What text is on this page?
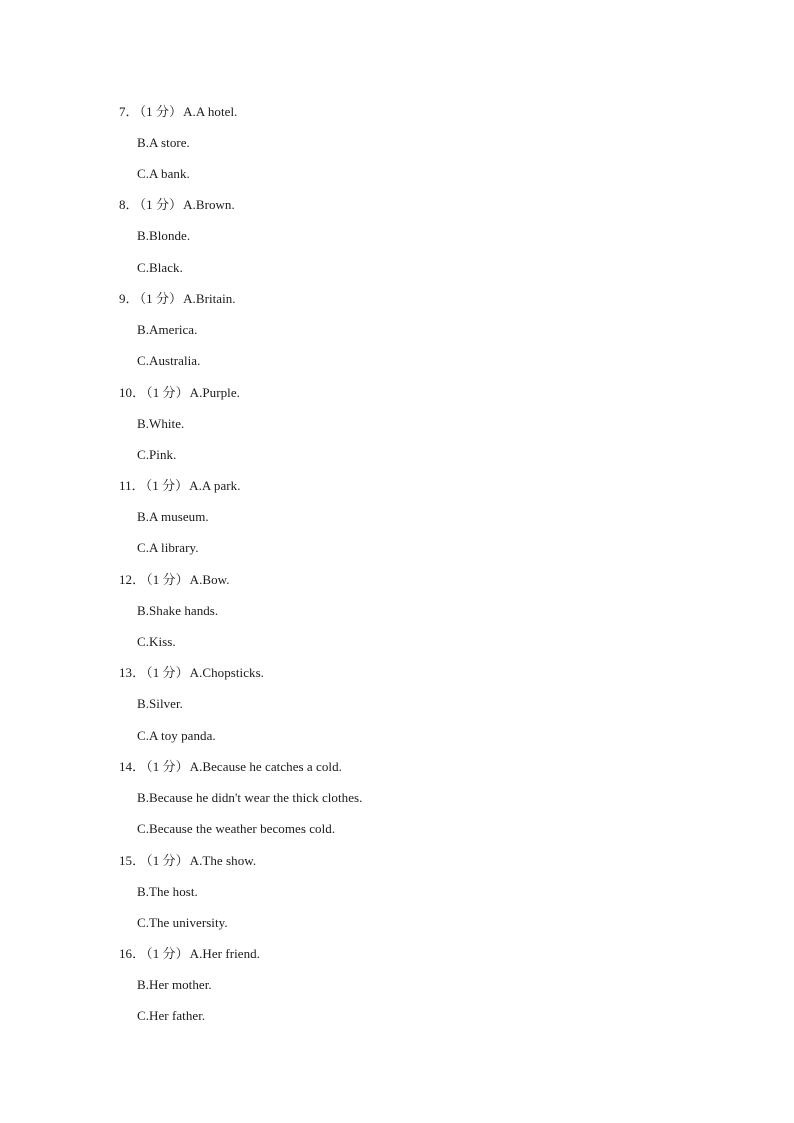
7．（1 分）A.A hotel.
B.A store.
C.A bank.
8．（1 分）A.Brown.
B.Blonde.
C.Black.
9．（1 分）A.Britain.
B.America.
C.Australia.
10．（1 分）A.Purple.
B.White.
C.Pink.
11．（1 分）A.A park.
B.A museum.
C.A library.
12．（1 分）A.Bow.
B.Shake hands.
C.Kiss.
13．（1 分）A.Chopsticks.
B.Silver.
C.A toy panda.
14．（1 分）A.Because he catches a cold.
B.Because he didn't wear the thick clothes.
C.Because the weather becomes cold.
15．（1 分）A.The show.
B.The host.
C.The university.
16．（1 分）A.Her friend.
B.Her mother.
C.Her father.
